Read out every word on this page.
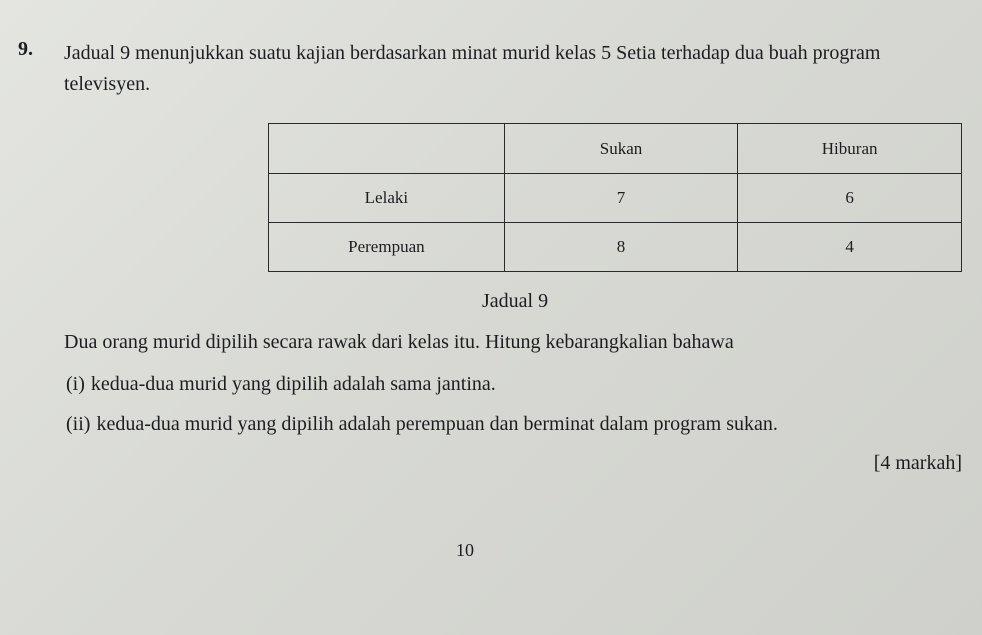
9. Jadual 9 menunjukkan suatu kajian berdasarkan minat murid kelas 5 Setia terhadap dua buah program televisyen.
	Sukan	Hiburan
Lelaki	7	6
Perempuan	8	4
Jadual 9
Dua orang murid dipilih secara rawak dari kelas itu. Hitung kebarangkalian bahawa
(i) kedua-dua murid yang dipilih adalah sama jantina.
(ii) kedua-dua murid yang dipilih adalah perempuan dan berminat dalam program sukan.
[4 markah]
10
